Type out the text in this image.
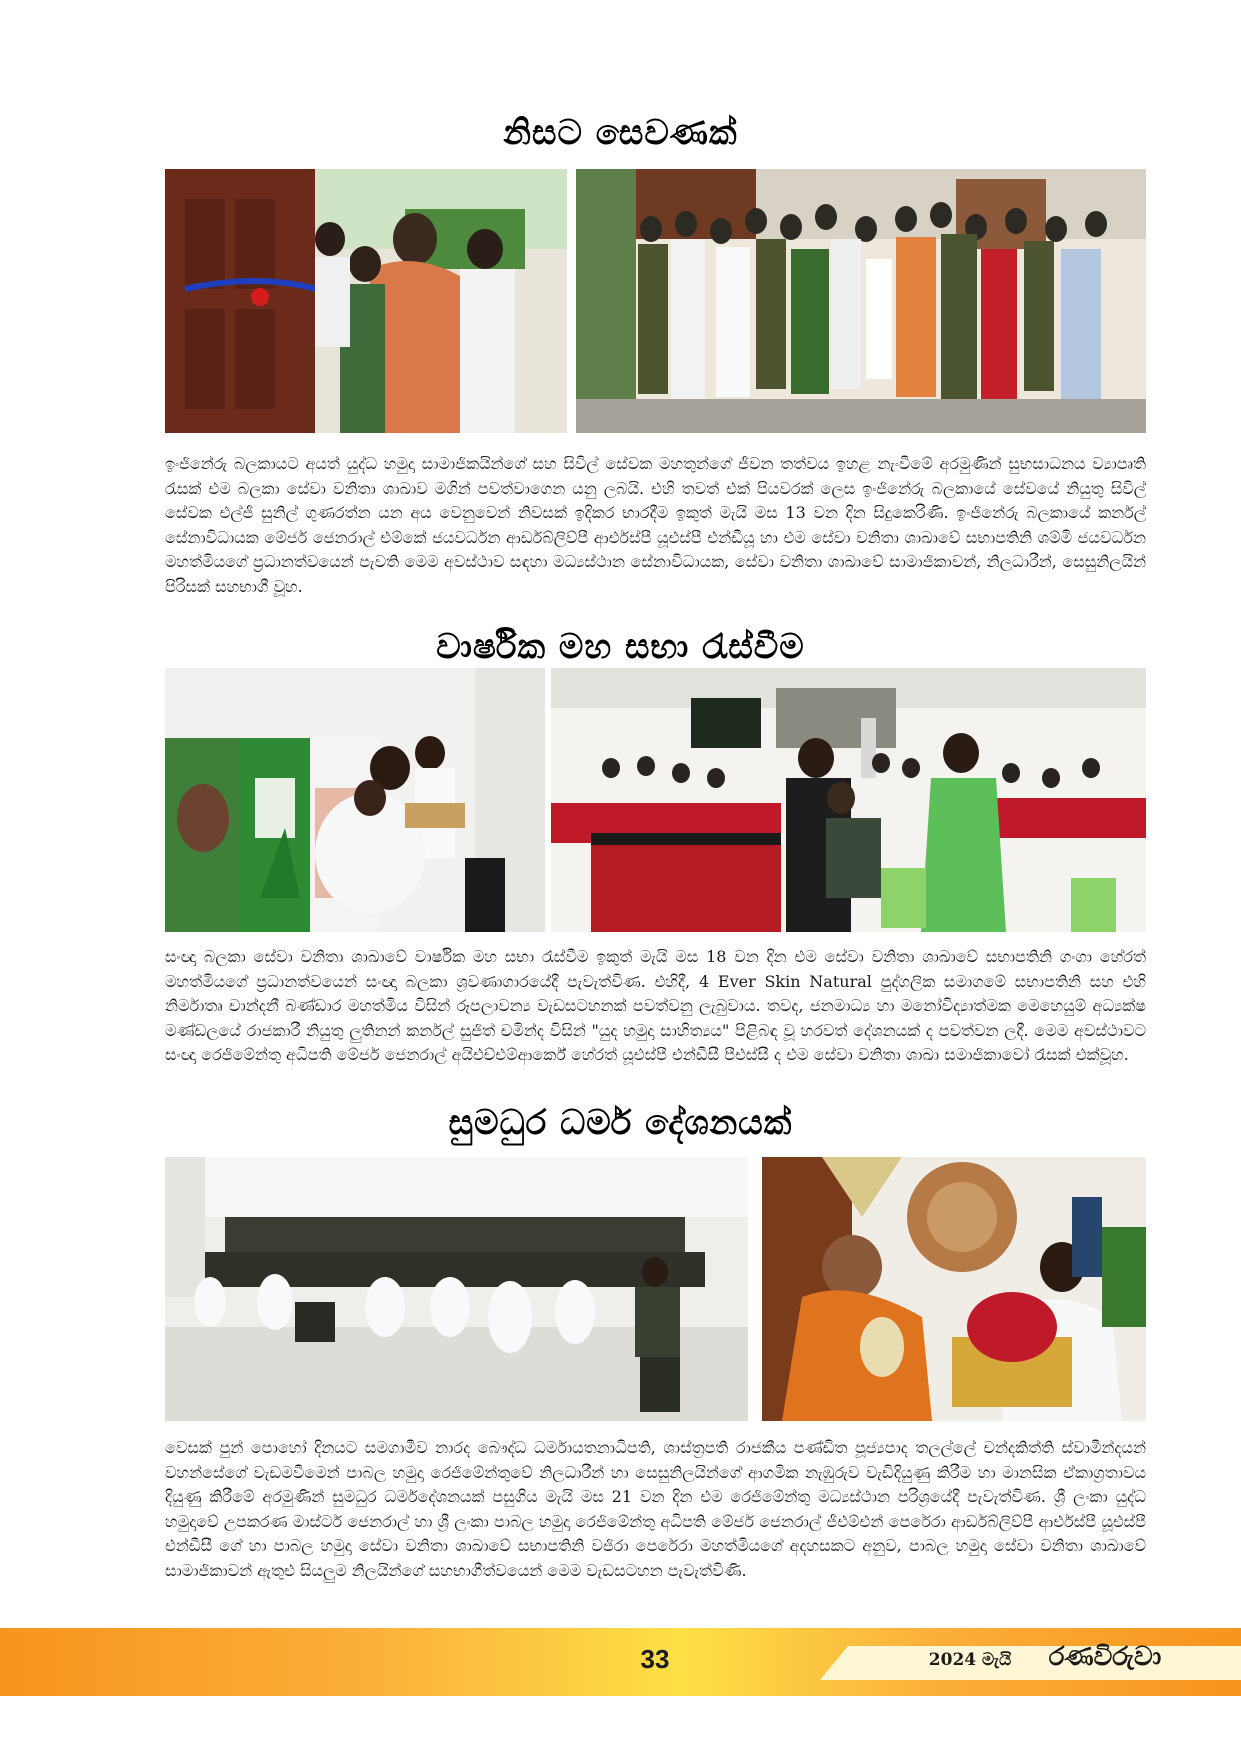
නිසට සෙවණක්
ඉංජිනේරු බලකායට අයත් යුද්ධ හමුදා සාමාජිකයින්ගේ සහ සිවිල් සේවක මහතුන්ගේ ජීවන තත්වය ඉහළ නැංවීමේ අරමුණින් සුභසාධනය ව්‍යාපෘති රැසක් එම බලකා සේවා වනිතා ශාඛාව මගින් පවත්වාගෙන යනු ලබයි. එහි තවත් එක් පියවරක් ලෙස ඉංජිනේරු බලකායේ සේවයේ නියුතු සිවිල් සේවක එල්ජී සුනිල් ගුණරත්න යන අය වෙනුවෙන් නිවසක් ඉදිකර භාරදීම ඉකුත් මැයි මස 13 වන දින සිදුකෙරිණි. ඉංජිනේරු බලකායේ කර්නල් සේනාවිධායක මේජර් ජෙනරාල් එම්කේ ජයවර්ධන ආර්ඩබ්ලිව්පී ආර්එස්පී යූඑස්පී එන්ඩීයූ හා එම සේවා වනිතා ශාඛාවේ සභාපතිනි ශම්මි ජයවර්ධන මහත්මියගේ ප්‍රධානත්වයෙන් පැවති මෙම අවස්ථාව සඳහා මධ්‍යස්ථාන සේනාවිධායක, සේවා වනිතා ශාඛාවේ සාමාජිකාවන්, නිලධාරීන්, සෙසුනිලයින් පිරිසක් සහභාගී වූහ.
වාර්ෂික මහ සභා රැස්වීම
සංඥා බලකා සේවා වනිතා ශාඛාවේ වාර්ෂික මහ සභා රැස්වීම ඉකුත් මැයි මස 18 වන දින එම සේවා වනිතා ශාඛාවේ සභාපතිනි ගංගා හේරත් මහත්මියගේ ප්‍රධානත්වයෙන් සංඥා බලකා ශ්‍රවණාගාරයේදී පැවැත්විණ. එහිදී, 4 Ever Skin Natural පුද්ගලික සමාගමේ සභාපතිනි සහ එහි නිර්මාතෘ චාන්දනී බණ්ඩාර මහත්මිය විසින් රූපලාවන්‍ය වැඩසටහනක් පවත්වනු ලැබුවාය. තවද, ජනමාධ්‍ය හා මනෝවිද්‍යාත්මක මෙහෙයුම් අධ්‍යක්ෂ මණ්ඩලයේ රාජකාරී නියුතු ලුතිනන් කර්නල් සුජිත් චමින්ද විසින් "යුද හමුදා සාහිත්‍යය" පිළිබඳ වූ හරවත් දේශනයක් ද පවත්වන ලදී. මෙම අවස්ථාවට සංඥා රෙජිමේන්තු අධිපති මේජර් ජෙනරාල් අයිඑච්එම්ආර්කේ හේරත් යූඑස්පී එන්ඩීසී පීඑස්සී ද එම සේවා වනිතා ශාඛා සමාජිකාවෝ රැසක් එක්වූහ.
සුමධුර ධර්ම දේශනයක්
වෙසක් පුන් පොහෝ දිනයට සමගාමීව නාරද බෞද්ධ ධර්මායතනාධිපති, ශාස්ත්‍රපති රාජකීය පණ්ඩිත පූජ්‍යපාද තලල්ලේ චන්දකිත්ති ස්වාමීන්දයන් වහන්සේගේ වැඩමවීමෙන් පාබල හමුදා රෙජිමේන්තුවේ නිලධාරීන් හා සෙසුනිලයින්ගේ ආගමික නැඹුරුව වැඩිදියුණු කිරීම හා මානසික ඒකාග්‍රතාවය දියුණු කිරීමේ අරමුණින් සුමධුර ධර්මදේශනයක් පසුගිය මැයි මස 21 වන දින එම රෙජිමේන්තු මධ්‍යස්ථාන පරිශ්‍රයේදී පැවැත්විණ. ශ්‍රී ලංකා යුද්ධ හමුදාවේ උපකරණ මාස්ටර් ජෙනරාල් හා ශ්‍රී ලංකා පාබල හමුදා රෙජිමේන්තු අධිපති මේජර් ජෙනරාල් ජීඑම්එන් පෙරේරා ආර්ඩබ්ලිව්පී ආර්එස්පී යූඑස්පී එන්ඩීසී ගේ හා පාබල හමුදා සේවා වනිතා ශාඛාවේ සභාපතිනි වජිරා පෙරේරා මහත්මියගේ අදහසකට අනුව, පාබල හමුදා සේවා වනිතා ශාඛාවේ සාමාජිකාවන් ඇතුළු සියලුම නිලයින්ගේ සහභාගීත්වයෙන් මෙම වැඩසටහන පැවැත්විණි.
33	2024 මැයි	රණවිරුවා
